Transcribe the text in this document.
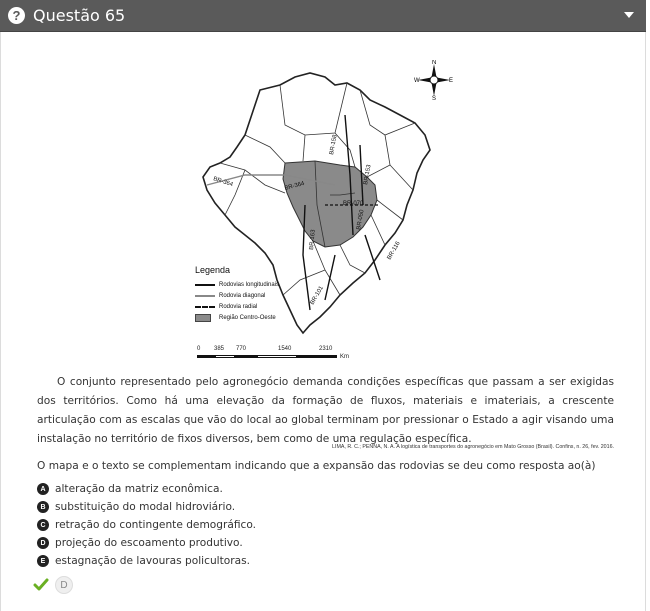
? Questão 65
BR-158
BR-153
BR-364	BR-364
BR-070
BR-163
BR-050
BR-116
BR-101
N
S
W	E
Legenda
Rodovias longitudinais
Rodovia diagonal
Rodovia radial
Região Centro-Oeste
0 385 770	1540	2310
Km

O conjunto representado pelo agronegócio demanda condições específicas que passam a ser exigidas dos territórios. Como há uma elevação da formação de fluxos, materiais e imateriais, a crescente articulação com as escalas que vão do local ao global terminam por pressionar o Estado a agir visando uma instalação no território de fixos diversos, bem como de uma regulação específica.

LIMA, R. C.; PENNA, N. A. A logística de transportes do agronegócio em Mato Grosso (Brasil). Confins, n. 26, fev. 2016.

O mapa e o texto se complementam indicando que a expansão das rodovias se deu como resposta ao(à)

A alteração da matriz econômica.
B substituição do modal hidroviário.
C retração do contingente demográfico.
D projeção do escoamento produtivo.
E estagnação de lavouras policultoras.
D
